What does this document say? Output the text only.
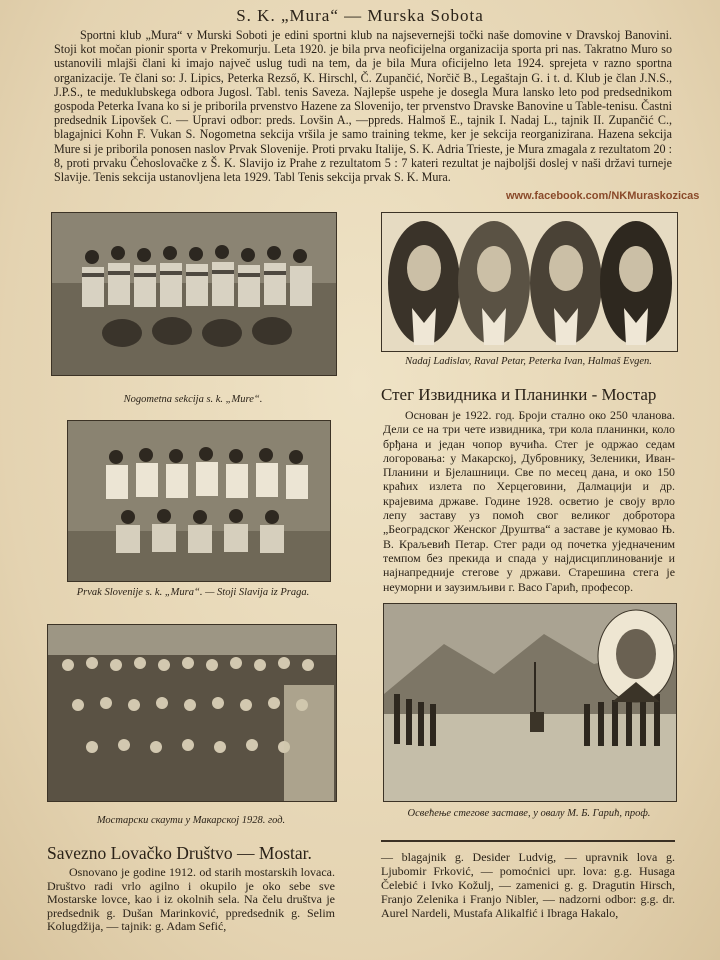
S. K. „Mura“ — Murska Sobota

Sportni klub „Mura“ v Murski Soboti je edini sportni klub na najsevernejši točki naše domovine v Dravskoj Banovini. Stoji kot močan pionir sporta v Prekomurju. Leta 1920. je bila prva neoficijelna organizacija sporta pri nas. Takratno Muro so ustanovili mlajši člani ki imajo največ uslug tudi na tem, da je bila Mura oficijelno leta 1924. sprejeta v razno sportna organizacije. Te člani so: J. Lipics, Peterka Rezső, K. Hirschl, Č. Zupančić, Norčič B., Legaštajn G. i t. d. Klub je član J.N.S., J.P.S., te meduklubskega odbora Jugosl. Tabl. tenis Saveza. Najlepše uspehe je dosegla Mura lansko leto pod predsednikom gospoda Peterka Ivana ko si je priborila prvenstvo Hazene za Slovenijo, ter prvenstvo Dravske Banovine u Table-tenisu. Častni predsednik Lipovšek C. — Upravi odbor: preds. Lovšin A., —ppreds. Halmoš E., tajnik I. Nadaj L., tajnik II. Zupančić C., blagajnici Kohn F. Vukan S. Nogometna sekcija vršila je samo training tekme, ker je sekcija reorganizirana. Hazena sekcija Mure si je priborila ponosen naslov Prvak Slovenije. Proti prvaku Italije, S. K. Adria Trieste, je Mura zmagala z rezultatom 20 : 8, proti prvaku Čehoslovačke z Š. K. Slavijo iz Prahe z rezultatom 5 : 7 kateri rezultat je najboljši doslej v naši državi turneje Slavije. Tenis sekcija ustanovljena leta 1929. Tabl Tenis sekcija prvak S. K. Mura.

www.facebook.com/NKMuraskozicas
Nogometna sekcija s. k. „Mure“.
Nadaj Ladislav, Raval Petar, Peterka Ivan, Halmaš Evgen.
Стег Извидника и Планинки - Мостар

Основан је 1922. год. Броји стално око 250 чланова. Дели се на три чете извидника, три кола планинки, коло брђана и један чопор вучића. Стег је одржао седам логоровања: у Макарској, Дубровнику, Зеленики, Иван-Планини и Бјелашници. Све по месец дана, и око 150 краћих излета по Херцеговини, Далмацији и др. крајевима државе. Године 1928. осветио је своју врло лепу заставу уз помоћ свог великог доброторa „Београдског Женског Друштва“ а заставе је кумовао Њ. В. Краљевић Петар. Стег ради од почетка уједначеним темпом без прекида и спада у најдисциплинованије и најнапредније стегове у држави. Старешина стега је неуморни и заузимљиви г. Васо Гарић, професор.

Prvak Slovenije s. k. „Mura“. — Stoji Slavija iz Praga.
Мостарски скаути у Макарској 1928. год.
Освећење стегове заставе, у овалу М. Б. Гарић, проф.
Savezno Lovačko Društvo — Mostar.

Osnovano je godine 1912. od starih mostarskih lovaca. Društvo radi vrlo agilno i okupilo je oko sebe sve Mostarske lovce, kao i iz okolnih sela. Na čelu društva je predsednik g. Dušan Marinković, ppredsednik g. Selim Kolugdžija, — tajnik: g. Adam Sefić,

— blagajnik g. Desider Ludvig, — upravnik lova g. Ljubomir Frković, — pomoćnici upr. lova: g.g. Husaga Čelebić i Ivko Kožulj, — zamenici g. g. Dragutin Hirsch, Franjo Zelenika i Franjo Nibler, — nadzorni odbor: g.g. dr. Aurel Nardeli, Mustafa Alikalfić i Ibraga Hakalo,
